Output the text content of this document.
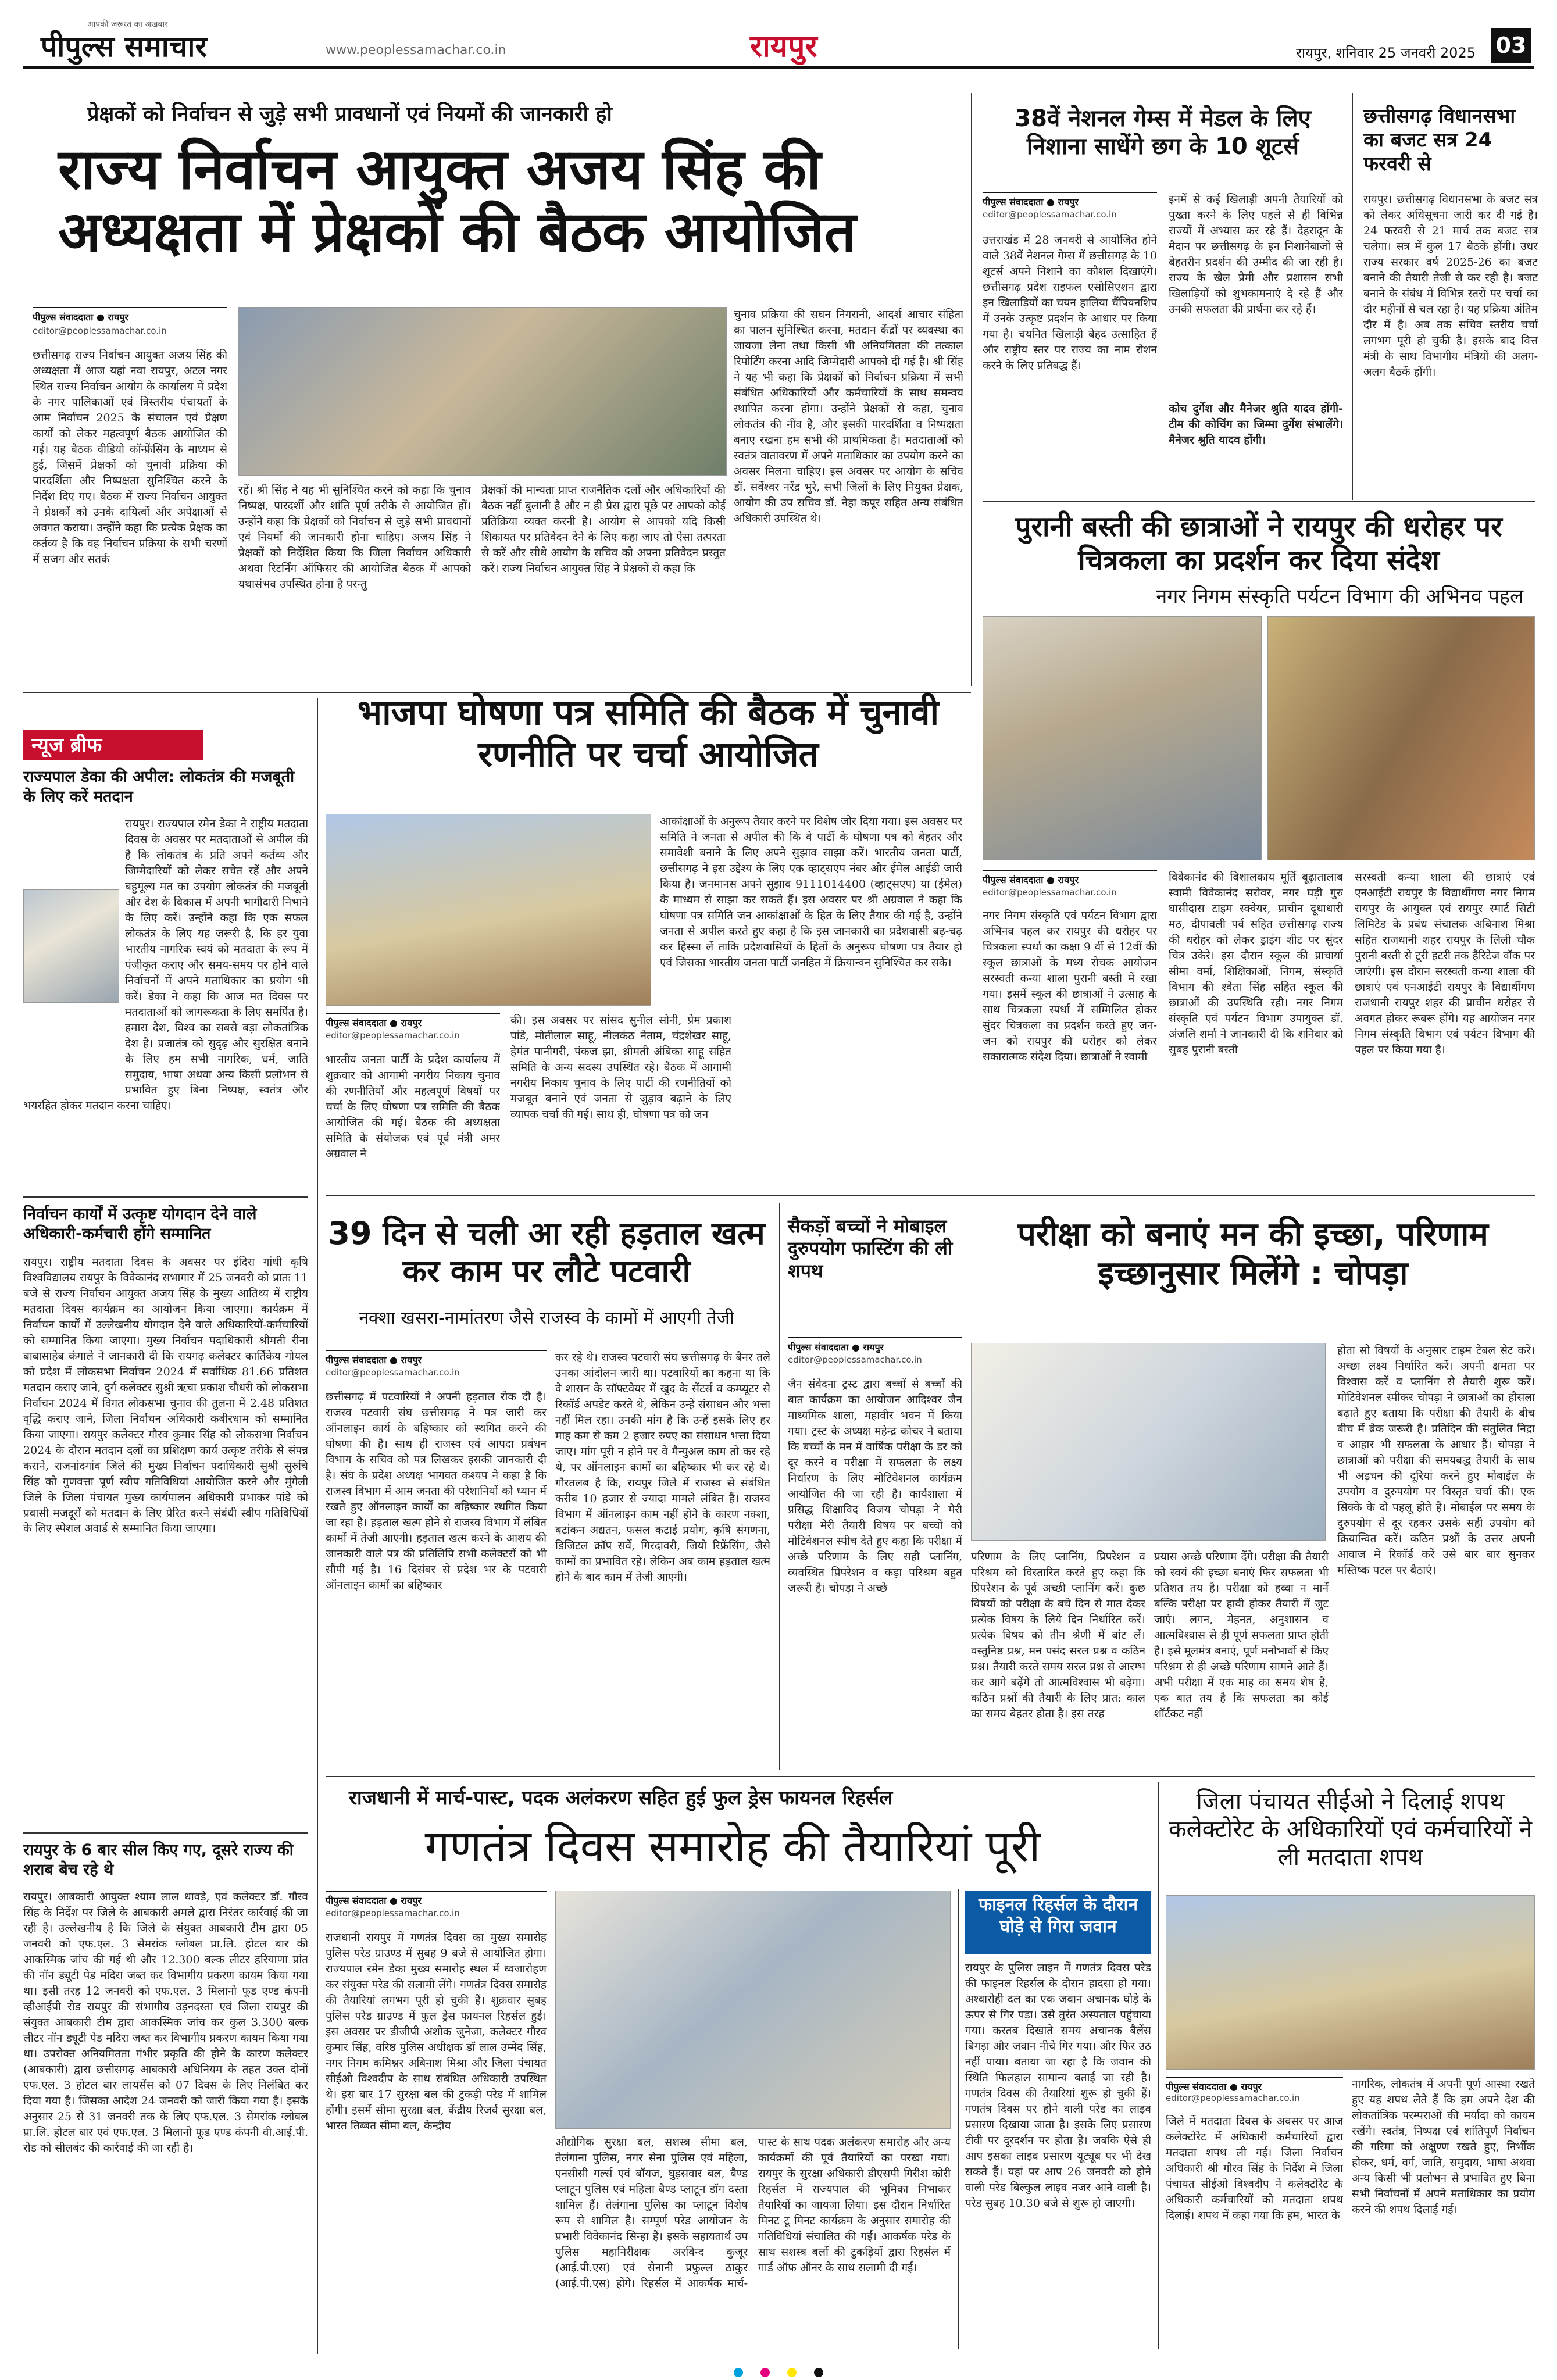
पीपुल्स समाचार
आपकी जरूरत का अखबार
www.peoplessamachar.co.in	रायपुर	रायपुर, शनिवार 25 जनवरी 2025 03
प्रेक्षकों को निर्वाचन से जुड़े सभी प्रावधानों एवं नियमों की जानकारी हो
राज्य निर्वाचन आयुक्त अजय सिंह की अध्यक्षता में प्रेक्षकों की बैठक आयोजित
पीपुल्स संवाददाता ● रायपुर
editor@peoplessamachar.co.in
छत्तीसगढ़ राज्य निर्वाचन आयुक्त अजय सिंह की अध्यक्षता में आज यहां नवा रायपुर, अटल नगर स्थित राज्य निर्वाचन आयोग के कार्यालय में प्रदेश के नगर पालिकाओं एवं त्रिस्तरीय पंचायतों के आम निर्वाचन 2025 के संचालन एवं प्रेक्षण कार्यों को लेकर महत्वपूर्ण बैठक आयोजित की गई। यह बैठक वीडियो कॉन्फ्रेंसिंग के माध्यम से हुई, जिसमें प्रेक्षकों को चुनावी प्रक्रिया की पारदर्शिता और निष्पक्षता सुनिश्चित करने के निर्देश दिए गए। बैठक में राज्य निर्वाचन आयुक्त ने प्रेक्षकों को उनके दायित्वों और अपेक्षाओं से अवगत कराया। उन्होंने कहा कि प्रत्येक प्रेक्षक का कर्तव्य है कि वह निर्वाचन प्रक्रिया के सभी चरणों में सजग और सतर्क
रहें। श्री सिंह ने यह भी सुनिश्चित करने को कहा कि चुनाव निष्पक्ष, पारदर्शी और शांति पूर्ण तरीके से आयोजित हों। उन्होंने कहा कि प्रेक्षकों को निर्वाचन से जुड़े सभी प्रावधानों एवं नियमों की जानकारी होना चाहिए। अजय सिंह ने प्रेक्षकों को निर्देशित किया कि जिला निर्वाचन अधिकारी अथवा रिटर्निंग ऑफिसर की आयोजित बैठक में आपको यथासंभव उपस्थित होना है परन्तु
प्रेक्षकों की मान्यता प्राप्त राजनैतिक दलों और अधिकारियों की बैठक नहीं बुलानी है और न ही प्रेस द्वारा पूछे पर आपको कोई प्रतिक्रिया व्यक्त करनी है। आयोग से आपको यदि किसी शिकायत पर प्रतिवेदन देने के लिए कहा जाए तो ऐसा तत्परता से करें और सीधे आयोग के सचिव को अपना प्रतिवेदन प्रस्तुत करें। राज्य निर्वाचन आयुक्त सिंह ने प्रेक्षकों से कहा कि
चुनाव प्रक्रिया की सघन निगरानी, आदर्श आचार संहिता का पालन सुनिश्चित करना, मतदान केंद्रों पर व्यवस्था का जायजा लेना तथा किसी भी अनियमितता की तत्काल रिपोर्टिंग करना आदि जिम्मेदारी आपको दी गई है। श्री सिंह ने यह भी कहा कि प्रेक्षकों को निर्वाचन प्रक्रिया में सभी संबंधित अधिकारियों और कर्मचारियों के साथ समन्वय स्थापित करना होगा। उन्होंने प्रेक्षकों से कहा, चुनाव लोकतंत्र की नींव है, और इसकी पारदर्शिता व निष्पक्षता बनाए रखना हम सभी की प्राथमिकता है। मतदाताओं को स्वतंत्र वातावरण में अपने मताधिकार का उपयोग करने का अवसर मिलना चाहिए। इस अवसर पर आयोग के सचिव डॉ. सर्वेश्वर नरेंद्र भुरे, सभी जिलों के लिए नियुक्त प्रेक्षक, आयोग की उप सचिव डॉ. नेहा कपूर सहित अन्य संबंधित अधिकारी उपस्थित थे।
38वें नेशनल गेम्स में मेडल के लिए निशाना साधेंगे छग के 10 शूटर्स
पीपुल्स संवाददाता ● रायपुर
editor@peoplessamachar.co.in
उत्तराखंड में 28 जनवरी से आयोजित होने वाले 38वें नेशनल गेम्स में छत्तीसगढ़ के 10 शूटर्स अपने निशाने का कौशल दिखाएंगे। छत्तीसगढ़ प्रदेश राइफल एसोसिएशन द्वारा इन खिलाड़ियों का चयन हालिया चैंपियनशिप में उनके उत्कृष्ट प्रदर्शन के आधार पर किया गया है। चयनित खिलाड़ी बेहद उत्साहित हैं और राष्ट्रीय स्तर पर राज्य का नाम रोशन करने के लिए प्रतिबद्ध हैं।
इनमें से कई खिलाड़ी अपनी तैयारियों को पुख्ता करने के लिए पहले से ही विभिन्न राज्यों में अभ्यास कर रहे हैं। देहरादून के मैदान पर छत्तीसगढ़ के इन निशानेबाजों से बेहतरीन प्रदर्शन की उम्मीद की जा रही है। राज्य के खेल प्रेमी और प्रशासन सभी खिलाड़ियों को शुभकामनाएं दे रहे हैं और उनकी सफलता की प्रार्थना कर रहे हैं।
कोच दुर्गेश और मैनेजर श्रुति यादव होंगी-टीम की कोचिंग का जिम्मा दुर्गेश संभालेंगे। मैनेजर श्रुति यादव होंगी।
छत्तीसगढ़ विधानसभा का बजट सत्र 24 फरवरी से
रायपुर। छत्तीसगढ़ विधानसभा के बजट सत्र को लेकर अधिसूचना जारी कर दी गई है। 24 फरवरी से 21 मार्च तक बजट सत्र चलेगा। सत्र में कुल 17 बैठकें होंगी। उधर राज्य सरकार वर्ष 2025-26 का बजट बनाने की तैयारी तेजी से कर रही है। बजट बनाने के संबंध में विभिन्न स्तरों पर चर्चा का दौर महीनों से चल रहा है। यह प्रक्रिया अंतिम दौर में है। अब तक सचिव स्तरीय चर्चा लगभग पूरी हो चुकी है। इसके बाद वित्त मंत्री के साथ विभागीय मंत्रियों की अलग-अलग बैठकें होंगी।
पुरानी बस्ती की छात्राओं ने रायपुर की धरोहर पर चित्रकला का प्रदर्शन कर दिया संदेश
नगर निगम संस्कृति पर्यटन विभाग की अभिनव पहल
पीपुल्स संवाददाता ● रायपुर
editor@peoplessamachar.co.in
नगर निगम संस्कृति एवं पर्यटन विभाग द्वारा अभिनव पहल कर रायपुर की धरोहर पर चित्रकला स्पर्धा का कक्षा 9 वीं से 12वीं की स्कूल छात्राओं के मध्य रोचक आयोजन सरस्वती कन्या शाला पुरानी बस्ती में रखा गया। इसमें स्कूल की छात्राओं ने उत्साह के साथ चित्रकला स्पर्धा में सम्मिलित होकर सुंदर चित्रकला का प्रदर्शन करते हुए जन-जन को रायपुर की धरोहर को लेकर सकारात्मक संदेश दिया। छात्राओं ने स्वामी
विवेकानंद की विशालकाय मूर्ति बूढ़ातालाब स्वामी विवेकानंद सरोवर, नगर घड़ी गुरु घासीदास टाइम स्क्वेयर, प्राचीन दूधाधारी मठ, दीपावली पर्व सहित छत्तीसगढ़ राज्य की धरोहर को लेकर ड्राइंग शीट पर सुंदर चित्र उकेरे। इस दौरान स्कूल की प्राचार्या सीमा वर्मा, शिक्षिकाओं, निगम, संस्कृति विभाग की श्वेता सिंह सहित स्कूल की छात्राओं की उपस्थिति रही। नगर निगम संस्कृति एवं पर्यटन विभाग उपायुक्त डॉ. अंजलि शर्मा ने जानकारी दी कि शनिवार को सुबह पुरानी बस्ती
सरस्वती कन्या शाला की छात्राएं एवं एनआईटी रायपुर के विद्यार्थीगण नगर निगम रायपुर के आयुक्त एवं रायपुर स्मार्ट सिटी लिमिटेड के प्रबंध संचालक अबिनाश मिश्रा सहित राजधानी शहर रायपुर के लिली चौक पुरानी बस्ती से टूरी हटरी तक हैरिटेज वॉक पर जाएंगी। इस दौरान सरस्वती कन्या शाला की छात्राएं एवं एनआईटी रायपुर के विद्यार्थीगण राजधानी रायपुर शहर की प्राचीन धरोहर से अवगत होकर रूबरू होंगे। यह आयोजन नगर निगम संस्कृति विभाग एवं पर्यटन विभाग की पहल पर किया गया है।
न्यूज ब्रीफ
राज्यपाल डेका की अपील: लोकतंत्र की मजबूती के लिए करें मतदान
रायपुर। राज्यपाल रमेन डेका ने राष्ट्रीय मतदाता दिवस के अवसर पर मतदाताओं से अपील की है कि लोकतंत्र के प्रति अपने कर्तव्य और जिम्मेदारियों को लेकर सचेत रहें और अपने बहुमूल्य मत का उपयोग लोकतंत्र की मजबूती और देश के विकास में अपनी भागीदारी निभाने के लिए करें। उन्होंने कहा कि एक सफल लोकतंत्र के लिए यह जरूरी है, कि हर युवा भारतीय नागरिक स्वयं को मतदाता के रूप में पंजीकृत कराए और समय-समय पर होने वाले निर्वाचनों में अपने मताधिकार का प्रयोग भी करें। डेका ने कहा कि आज मत दिवस पर मतदाताओं को जागरूकता के लिए समर्पित है। हमारा देश, विश्व का सबसे बड़ा लोकतांत्रिक देश है। प्रजातंत्र को सुदृढ़ और सुरक्षित बनाने के लिए हम सभी नागरिक, धर्म, जाति समुदाय, भाषा अथवा अन्य किसी प्रलोभन से प्रभावित हुए बिना निष्पक्ष, स्वतंत्र और भयरहित होकर मतदान करना चाहिए।
निर्वाचन कार्यों में उत्कृष्ट योगदान देने वाले अधिकारी-कर्मचारी होंगे सम्मानित
रायपुर। राष्ट्रीय मतदाता दिवस के अवसर पर इंदिरा गांधी कृषि विश्वविद्यालय रायपुर के विवेकानंद सभागार में 25 जनवरी को प्रातः 11 बजे से राज्य निर्वाचन आयुक्त अजय सिंह के मुख्य आतिथ्य में राष्ट्रीय मतदाता दिवस कार्यक्रम का आयोजन किया जाएगा। कार्यक्रम में निर्वाचन कार्यों में उल्लेखनीय योगदान देने वाले अधिकारियों-कर्मचारियों को सम्मानित किया जाएगा। मुख्य निर्वाचन पदाधिकारी श्रीमती रीना बाबासाहेब कंगाले ने जानकारी दी कि रायगढ़ कलेक्टर कार्तिकेय गोयल को प्रदेश में लोकसभा निर्वाचन 2024 में सर्वाधिक 81.66 प्रतिशत मतदान कराए जाने, दुर्ग कलेक्टर सुश्री ऋचा प्रकाश चौधरी को लोकसभा निर्वाचन 2024 में विगत लोकसभा चुनाव की तुलना में 2.48 प्रतिशत वृद्धि कराए जाने, जिला निर्वाचन अधिकारी कबीरधाम को सम्मानित किया जाएगा। रायपुर कलेक्टर गौरव कुमार सिंह को लोकसभा निर्वाचन 2024 के दौरान मतदान दलों का प्रशिक्षण कार्य उत्कृष्ट तरीके से संपन्न कराने, राजनांदगांव जिले की मुख्य निर्वाचन पदाधिकारी सुश्री सुरुचि सिंह को गुणवत्ता पूर्ण स्वीप गतिविधियां आयोजित करने और मुंगेली जिले के जिला पंचायत मुख्य कार्यपालन अधिकारी प्रभाकर पांडे को प्रवासी मजदूरों को मतदान के लिए प्रेरित करने संबंधी स्वीप गतिविधियों के लिए स्पेशल अवार्ड से सम्मानित किया जाएगा।
रायपुर के 6 बार सील किए गए, दूसरे राज्य की शराब बेच रहे थे
रायपुर। आबकारी आयुक्त श्याम लाल धावड़े, एवं कलेक्टर डॉ. गौरव सिंह के निर्देश पर जिले के आबकारी अमले द्वारा निरंतर कार्रवाई की जा रही है। उल्लेखनीय है कि जिले के संयुक्त आबकारी टीम द्वारा 05 जनवरी को एफ.एल. 3 सेमरांक ग्लोबल प्रा.लि. होटल बार की आकस्मिक जांच की गई थी और 12.300 बल्क लीटर हरियाणा प्रांत की नॉन ड्यूटी पेड मदिरा जब्त कर विभागीय प्रकरण कायम किया गया था। इसी तरह 12 जनवरी को एफ.एल. 3 मिलानो फूड एण्ड कंपनी व्हीआईपी रोड रायपुर की संभागीय उड़नदस्ता एवं जिला रायपुर की संयुक्त आबकारी टीम द्वारा आकस्मिक जांच कर कुल 3.300 बल्क लीटर नॉन ड्यूटी पेड मदिरा जब्त कर विभागीय प्रकरण कायम किया गया था। उपरोक्त अनियमितता गंभीर प्रकृति की होने के कारण कलेक्टर (आबकारी) द्वारा छत्तीसगढ़ आबकारी अधिनियम के तहत उक्त दोनों एफ.एल. 3 होटल बार लायसेंस को 07 दिवस के लिए निलंबित कर दिया गया है। जिसका आदेश 24 जनवरी को जारी किया गया है। इसके अनुसार 25 से 31 जनवरी तक के लिए एफ.एल. 3 सेमरांक ग्लोबल प्रा.लि. होटल बार एवं एफ.एल. 3 मिलानो फूड एण्ड कंपनी वी.आई.पी. रोड को सीलबंद की कार्रवाई की जा रही है।
भाजपा घोषणा पत्र समिति की बैठक में चुनावी रणनीति पर चर्चा आयोजित
पीपुल्स संवाददाता ● रायपुर
editor@peoplessamachar.co.in
भारतीय जनता पार्टी के प्रदेश कार्यालय में शुक्रवार को आगामी नगरीय निकाय चुनाव की रणनीतियों और महत्वपूर्ण विषयों पर चर्चा के लिए घोषणा पत्र समिति की बैठक आयोजित की गई। बैठक की अध्यक्षता समिति के संयोजक एवं पूर्व मंत्री अमर अग्रवाल ने
की। इस अवसर पर सांसद सुनील सोनी, प्रेम प्रकाश पांडे, मोतीलाल साहू, नीलकंठ नेताम, चंद्रशेखर साहू, हेमंत पानीगरी, पंकज झा, श्रीमती अंबिका साहू सहित समिति के अन्य सदस्य उपस्थित रहे। बैठक में आगामी नगरीय निकाय चुनाव के लिए पार्टी की रणनीतियों को मजबूत बनाने एवं जनता से जुड़ाव बढ़ाने के लिए व्यापक चर्चा की गई। साथ ही, घोषणा पत्र को जन
आकांक्षाओं के अनुरूप तैयार करने पर विशेष जोर दिया गया। इस अवसर पर समिति ने जनता से अपील की कि वे पार्टी के घोषणा पत्र को बेहतर और समावेशी बनाने के लिए अपने सुझाव साझा करें। भारतीय जनता पार्टी, छत्तीसगढ़ ने इस उद्देश्य के लिए एक व्हाट्सएप नंबर और ईमेल आईडी जारी किया है। जनमानस अपने सुझाव 9111014400 (व्हाट्सएप) या (ईमेल) के माध्यम से साझा कर सकते हैं। इस अवसर पर श्री अग्रवाल ने कहा कि घोषणा पत्र समिति जन आकांक्षाओं के हित के लिए तैयार की गई है, उन्होंने जनता से अपील करते हुए कहा है कि इस जानकारी का प्रदेशवासी बढ़-चढ़ कर हिस्सा लें ताकि प्रदेशवासियों के हितों के अनुरूप घोषणा पत्र तैयार हो एवं जिसका भारतीय जनता पार्टी जनहित में क्रियान्वन सुनिश्चित कर सके।
39 दिन से चली आ रही हड़ताल खत्म कर काम पर लौटे पटवारी
नक्शा खसरा-नामांतरण जैसे राजस्व के कामों में आएगी तेजी
पीपुल्स संवाददाता ● रायपुर
editor@peoplessamachar.co.in
छत्तीसगढ़ में पटवारियों ने अपनी हड़ताल रोक दी है। राजस्व पटवारी संघ छत्तीसगढ़ ने पत्र जारी कर ऑनलाइन कार्य के बहिष्कार को स्थगित करने की घोषणा की है। साथ ही राजस्व एवं आपदा प्रबंधन विभाग के सचिव को पत्र लिखकर इसकी जानकारी दी है। संघ के प्रदेश अध्यक्ष भागवत कश्यप ने कहा है कि राजस्व विभाग में आम जनता की परेशानियों को ध्यान में रखते हुए ऑनलाइन कार्यों का बहिष्कार स्थगित किया जा रहा है। हड़ताल खत्म होने से राजस्व विभाग में लंबित कामों में तेजी आएगी। हड़ताल खत्म करने के आशय की जानकारी वाले पत्र की प्रतिलिपि सभी कलेक्टरों को भी सौंपी गई है। 16 दिसंबर से प्रदेश भर के पटवारी ऑनलाइन कामों का बहिष्कार
कर रहे थे। राजस्व पटवारी संघ छत्तीसगढ़ के बैनर तले उनका आंदोलन जारी था। पटवारियों का कहना था कि वे शासन के सॉफ्टवेयर में खुद के सेंटर्स व कम्प्यूटर से रिकॉर्ड अपडेट करते थे, लेकिन उन्हें संसाधन और भत्ता नहीं मिल रहा। उनकी मांग है कि उन्हें इसके लिए हर माह कम से कम 2 हजार रुपए का संसाधन भत्ता दिया जाए। मांग पूरी न होने पर वे मैन्युअल काम तो कर रहे थे, पर ऑनलाइन कामों का बहिष्कार भी कर रहे थे। गौरतलब है कि, रायपुर जिले में राजस्व से संबंधित करीब 10 हजार से ज्यादा मामले लंबित हैं। राजस्व विभाग में ऑनलाइन काम नहीं होने के कारण नक्शा, बटांकन अद्यतन, फसल कटाई प्रयोग, कृषि संगणना, डिजिटल क्रॉप सर्वे, गिरदावरी, जियो रिफ्रेंसिंग, जैसे कामों का प्रभावित रहे। लेकिन अब काम हड़ताल खत्म होने के बाद काम में तेजी आएगी।
सैकड़ों बच्चों ने मोबाइल दुरुपयोग फास्टिंग की ली शपथ
पीपुल्स संवाददाता ● रायपुर
editor@peoplessamachar.co.in
जैन संवेदना ट्रस्ट द्वारा बच्चों से बच्चों की बात कार्यक्रम का आयोजन आदिश्वर जैन माध्यमिक शाला, महावीर भवन में किया गया। ट्रस्ट के अध्यक्ष महेन्द्र कोचर ने बताया कि बच्चों के मन में वार्षिक परीक्षा के डर को दूर करने व परीक्षा में सफलता के लक्ष्य निर्धारण के लिए मोटिवेशनल कार्यक्रम आयोजित की जा रही है। कार्यशाला में प्रसिद्ध शिक्षाविद विजय चोपड़ा ने मेरी परीक्षा मेरी तैयारी विषय पर बच्चों को मोटिवेशनल स्पीच देते हुए कहा कि परीक्षा में अच्छे परिणाम के लिए सही प्लानिंग, व्यवस्थित प्रिपरेशन व कड़ा परिश्रम बहुत जरूरी है। चोपड़ा ने अच्छे
परीक्षा को बनाएं मन की इच्छा, परिणाम इच्छानुसार मिलेंगे : चोपड़ा
परिणाम के लिए प्लानिंग, प्रिपरेशन व परिश्रम को विस्तारित करते हुए कहा कि प्रिपरेशन के पूर्व अच्छी प्लानिंग करें। कुछ विषयों को परीक्षा के बचे दिन से मात देकर प्रत्येक विषय के लिये दिन निर्धारित करें। प्रत्येक विषय को तीन श्रेणी में बांट लें। वस्तुनिष्ठ प्रश्न, मन पसंद सरल प्रश्न व कठिन प्रश्न। तैयारी करते समय सरल प्रश्न से आरम्भ कर आगे बढ़ेंगे तो आत्मविश्वास भी बढ़ेगा। कठिन प्रश्नों की तैयारी के लिए प्रात: काल का समय बेहतर होता है। इस तरह
प्रयास अच्छे परिणाम देंगे। परीक्षा की तैयारी को स्वयं की इच्छा बनाएं फिर सफलता भी प्रतिशत तय है। परीक्षा को हव्वा न मानें बल्कि परीक्षा पर हावी होकर तैयारी में जुट जाएं। लगन, मेहनत, अनुशासन व आत्मविश्वास से ही पूर्ण सफलता प्राप्त होती है। इसे मूलमंत्र बनाएं, पूर्ण मनोभावों से किए परिश्रम से ही अच्छे परिणाम सामने आते हैं। अभी परीक्षा में एक माह का समय शेष है, एक बात तय है कि सफलता का कोई शॉर्टकट नहीं
होता सो विषयों के अनुसार टाइम टेबल सेट करें। अच्छा लक्ष्य निर्धारित करें। अपनी क्षमता पर विश्वास करें व प्लानिंग से तैयारी शुरू करें। मोटिवेशनल स्पीकर चोपड़ा ने छात्राओं का हौसला बढ़ाते हुए बताया कि परीक्षा की तैयारी के बीच बीच में ब्रेक जरूरी है। प्रतिदिन की संतुलित निद्रा व आहार भी सफलता के आधार हैं। चोपड़ा ने छात्राओं को परीक्षा की समयबद्ध तैयारी के साथ भी अड़चन की दूरियां करने हुए मोबाईल के उपयोग व दुरुपयोग पर विस्तृत चर्चा की। एक सिक्के के दो पहलू होते हैं। मोबाईल पर समय के दुरुपयोग से दूर रहकर उसके सही उपयोग को क्रियान्वित करें। कठिन प्रश्नों के उत्तर अपनी आवाज में रिकॉर्ड करें उसे बार बार सुनकर मस्तिष्क पटल पर बैठाएं।
राजधानी में मार्च-पास्ट, पदक अलंकरण सहित हुई फुल ड्रेस फायनल रिहर्सल
गणतंत्र दिवस समारोह की तैयारियां पूरी
पीपुल्स संवाददाता ● रायपुर
editor@peoplessamachar.co.in
राजधानी रायपुर में गणतंत्र दिवस का मुख्य समारोह पुलिस परेड ग्राउण्ड में सुबह 9 बजे से आयोजित होगा। राज्यपाल रमेन डेका मुख्य समारोह स्थल में ध्वजारोहण कर संयुक्त परेड की सलामी लेंगे। गणतंत्र दिवस समारोह की तैयारियां लगभग पूरी हो चुकी हैं। शुक्रवार सुबह पुलिस परेड ग्राउण्ड में फुल ड्रेस फायनल रिहर्सल हुई। इस अवसर पर डीजीपी अशोक जुनेजा, कलेक्टर गौरव कुमार सिंह, वरिष्ठ पुलिस अधीक्षक डॉ लाल उम्मेद सिंह, नगर निगम कमिश्नर अबिनाश मिश्रा और जिला पंचायत सीईओ विश्वदीप के साथ संबंधित अधिकारी उपस्थित थे। इस बार 17 सुरक्षा बल की टुकड़ी परेड में शामिल होंगी। इसमें सीमा सुरक्षा बल, केंद्रीय रिजर्व सुरक्षा बल, भारत तिब्बत सीमा बल, केन्द्रीय
औद्योगिक सुरक्षा बल, सशस्त्र सीमा बल, तेलंगाना पुलिस, नगर सेना पुलिस एवं महिला, एनसीसी गर्ल्स एवं बॉयज, घुड़सवार बल, बैण्ड प्लाटून पुलिस एवं महिला बैण्ड प्लाटून डॉग दस्ता शामिल हैं। तेलंगाना पुलिस का प्लाटून विशेष रूप से शामिल है। सम्पूर्ण परेड आयोजन के प्रभारी विवेकानंद सिन्हा हैं। इसके सहायतार्थ उप पुलिस महानिरीक्षक अरविन्द कुजूर (आई.पी.एस) एवं सेनानी प्रफुल्ल ठाकुर (आई.पी.एस) होंगे। रिहर्सल में आकर्षक मार्च-पास्ट के साथ पदक अलंकरण समारोह और अन्य कार्यक्रमों की पूर्व तैयारियों का परखा गया। रायपुर के सुरक्षा अधिकारी डीएसपी गिरीश कोरी रिहर्सल में राज्यपाल की भूमिका निभाकर तैयारियों का जायजा लिया। इस दौरान निर्धारित मिनट टू मिनट कार्यक्रम के अनुसार समारोह की गतिविधियां संचालित की गईं। आकर्षक परेड के साथ सशस्त्र बलों की टुकड़ियों द्वारा रिहर्सल में गार्ड ऑफ ऑनर के साथ सलामी दी गई।
फाइनल रिहर्सल के दौरान घोड़े से गिरा जवान
रायपुर के पुलिस लाइन में गणतंत्र दिवस परेड की फाइनल रिहर्सल के दौरान हादसा हो गया। अश्वारोही दल का एक जवान अचानक घोड़े के ऊपर से गिर पड़ा। उसे तुरंत अस्पताल पहुंचाया गया। करतब दिखाते समय अचानक बैलेंस बिगड़ा और जवान नीचे गिर गया। और फिर उठ नहीं पाया। बताया जा रहा है कि जवान की स्थिति फिलहाल सामान्य बताई जा रही है। गणतंत्र दिवस की तैयारियां शुरू हो चुकी हैं। गणतंत्र दिवस पर होने वाली परेड का लाइव प्रसारण दिखाया जाता है। इसके लिए प्रसारण टीवी पर दूरदर्शन पर होता है। जबकि ऐसे ही आप इसका लाइव प्रसारण यूट्यूब पर भी देख सकते हैं। यहां पर आप 26 जनवरी को होने वाली परेड बिल्कुल लाइव नजर आने वाली है। परेड सुबह 10.30 बजे से शुरू हो जाएगी।
जिला पंचायत सीईओ ने दिलाई शपथ कलेक्टोरेट के अधिकारियों एवं कर्मचारियों ने ली मतदाता शपथ
पीपुल्स संवाददाता ● रायपुर
editor@peoplessamachar.co.in
जिले में मतदाता दिवस के अवसर पर आज कलेक्टोरेट में अधिकारी कर्मचारियों द्वारा मतदाता शपथ ली गई। जिला निर्वाचन अधिकारी श्री गौरव सिंह के निर्देश में जिला पंचायत सीईओ विश्वदीप ने कलेक्टोरेट के अधिकारी कर्मचारियों को मतदाता शपथ दिलाई। शपथ में कहा गया कि हम, भारत के
नागरिक, लोकतंत्र में अपनी पूर्ण आस्था रखते हुए यह शपथ लेते हैं कि हम अपने देश की लोकतांत्रिक परम्पराओं की मर्यादा को कायम रखेंगे। स्वतंत्र, निष्पक्ष एवं शांतिपूर्ण निर्वाचन की गरिमा को अक्षुण्ण रखते हुए, निर्भीक होकर, धर्म, वर्ग, जाति, समुदाय, भाषा अथवा अन्य किसी भी प्रलोभन से प्रभावित हुए बिना सभी निर्वाचनों में अपने मताधिकार का प्रयोग करने की शपथ दिलाई गई।
